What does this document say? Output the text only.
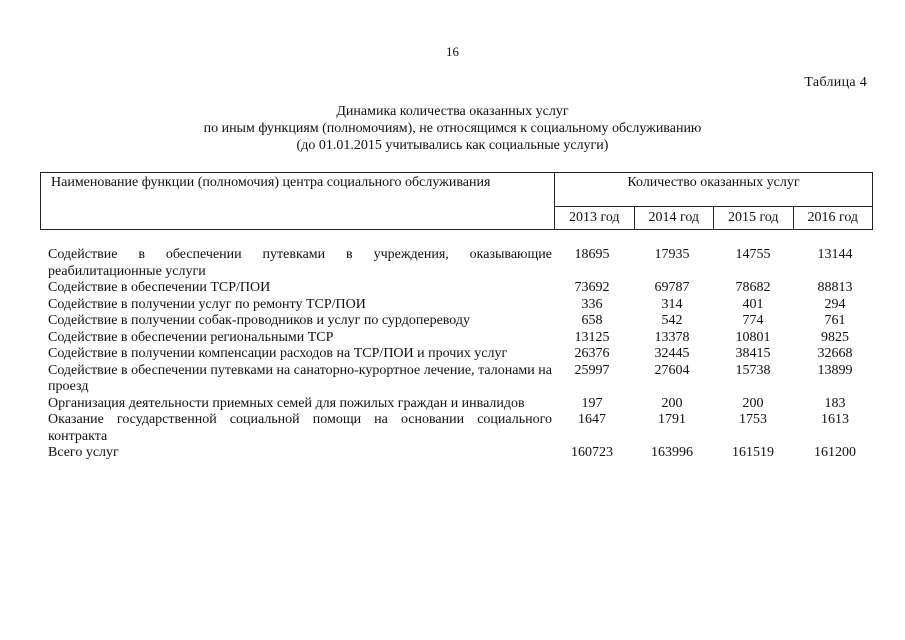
16
Таблица 4
Динамика количества оказанных услуг
по иным функциям (полномочиям), не относящимся к социальному обслуживанию
(до 01.01.2015 учитывались как социальные услуги)
Наименование функции (полномочия) центра социального обслуживания	Количество оказанных услуг
2013 год	2014 год	2015 год	2016 год
Содействие в обеспечении путевками в учреждения, оказывающие реабилитационные услуги
18695	17935	14755	13144
Содействие в обеспечении ТСР/ПОИ	73692	69787	78682	88813
Содействие в получении услуг по ремонту ТСР/ПОИ	336	314	401	294
Содействие в получении собак-проводников и услуг по сурдопереводу	658	542	774	761
Содействие в обеспечении региональными ТСР	13125	13378	10801	9825
Содействие в получении компенсации расходов на ТСР/ПОИ и прочих услуг	26376	32445	38415	32668
Содействие в обеспечении путевками на санаторно-курортное лечение, талонами на проезд
25997	27604	15738	13899
Организация деятельности приемных семей для пожилых граждан и инвалидов	197	200	200	183
Оказание государственной социальной помощи на основании социального контракта
1647	1791	1753	1613
Всего услуг	160723	163996	161519	161200
